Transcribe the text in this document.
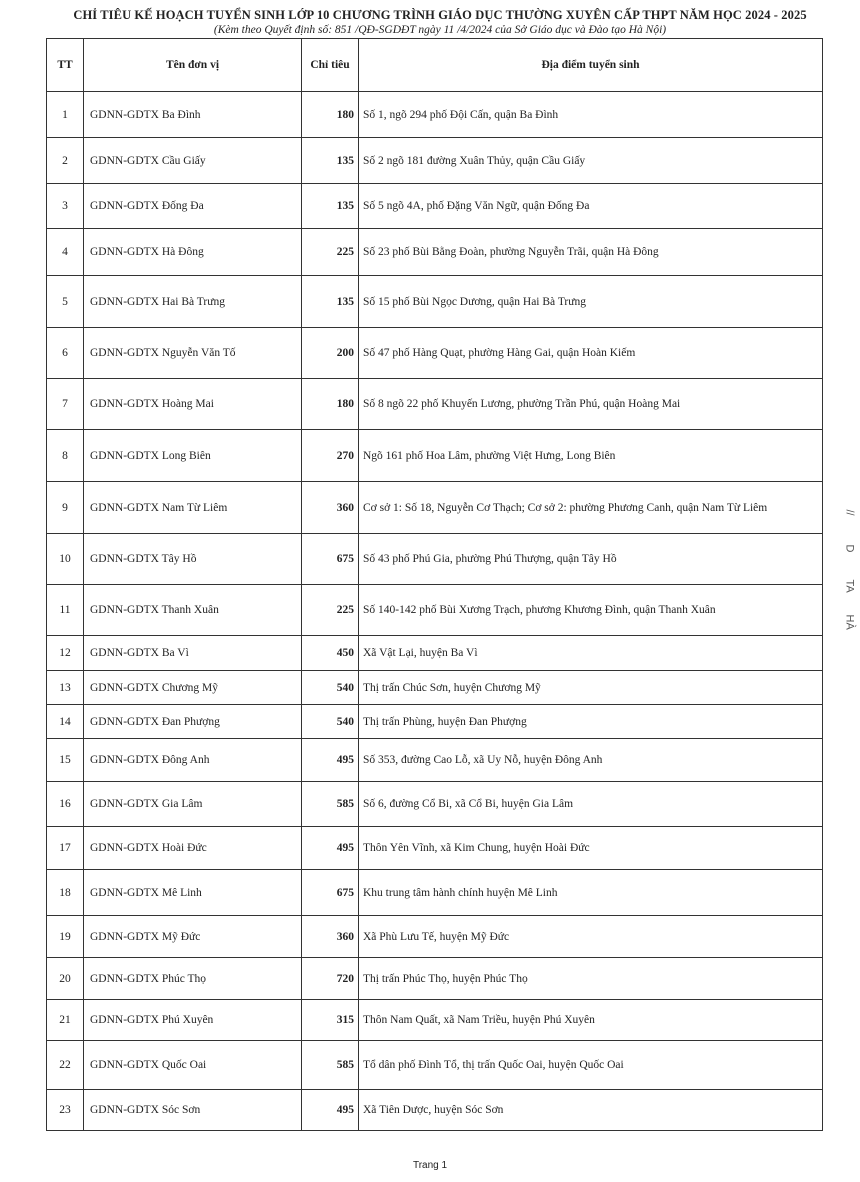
CHỈ TIÊU KẾ HOẠCH TUYỂN SINH LỚP 10 CHƯƠNG TRÌNH GIÁO DỤC THƯỜNG XUYÊN CẤP THPT NĂM HỌC 2024 - 2025
(Kèm theo Quyết định số: 851 /QĐ-SGDĐT ngày 11 /4/2024 của Sở Giáo dục và Đào tạo Hà Nội)
TT	Tên đơn vị	Chỉ tiêu	Địa điểm tuyển sinh
1	GDNN-GDTX Ba Đình	180	Số 1, ngõ 294 phố Đội Cấn, quận Ba Đình
2	GDNN-GDTX Cầu Giấy	135	Số 2 ngõ 181 đường Xuân Thủy, quận Cầu Giấy
3	GDNN-GDTX Đống Đa	135	Số 5 ngõ 4A, phố Đặng Văn Ngữ, quận Đống Đa
4	GDNN-GDTX Hà Đông	225	Số 23 phố Bùi Bằng Đoàn, phường Nguyễn Trãi, quận Hà Đông
5	GDNN-GDTX Hai Bà Trưng	135	Số 15 phố Bùi Ngọc Dương, quận Hai Bà Trưng
6	GDNN-GDTX Nguyễn Văn Tố	200	Số 47 phố Hàng Quạt, phường Hàng Gai, quận Hoàn Kiếm
7	GDNN-GDTX Hoàng Mai	180	Số 8 ngõ 22 phố Khuyến Lương, phường Trần Phú, quận Hoàng Mai
8	GDNN-GDTX Long Biên	270	Ngõ 161 phố Hoa Lâm, phường Việt Hưng, Long Biên
9	GDNN-GDTX Nam Từ Liêm	360	Cơ sở 1: Số 18, Nguyễn Cơ Thạch; Cơ sở 2: phường Phương Canh, quận Nam Từ Liêm
10	GDNN-GDTX Tây Hồ	675	Số 43 phố Phú Gia, phường Phú Thượng, quận Tây Hồ
11	GDNN-GDTX Thanh Xuân	225	Số 140-142 phố Bùi Xương Trạch, phương Khương Đình, quận Thanh Xuân
12	GDNN-GDTX Ba Vì	450	Xã Vật Lại, huyện Ba Vì
13	GDNN-GDTX Chương Mỹ	540	Thị trấn Chúc Sơn, huyện Chương Mỹ
14	GDNN-GDTX Đan Phượng	540	Thị trấn Phùng, huyện Đan Phượng
15	GDNN-GDTX Đông Anh	495	Số 353, đường Cao Lỗ, xã Uy Nỗ, huyện Đông Anh
16	GDNN-GDTX Gia Lâm	585	Số 6, đường Cổ Bi, xã Cổ Bi, huyện Gia Lâm
17	GDNN-GDTX Hoài Đức	495	Thôn Yên Vĩnh, xã Kim Chung, huyện Hoài Đức
18	GDNN-GDTX Mê Linh	675	Khu trung tâm hành chính huyện Mê Linh
19	GDNN-GDTX Mỹ Đức	360	Xã Phù Lưu Tế, huyện Mỹ Đức
20	GDNN-GDTX Phúc Thọ	720	Thị trấn Phúc Thọ, huyện Phúc Thọ
21	GDNN-GDTX Phú Xuyên	315	Thôn Nam Quất, xã Nam Triều, huyện Phú Xuyên
22	GDNN-GDTX Quốc Oai	585	Tổ dân phố Đình Tổ, thị trấn Quốc Oai, huyện Quốc Oai
23	GDNN-GDTX Sóc Sơn	495	Xã Tiên Dược, huyện Sóc Sơn
//
D
TA
HÀ
Trang 1
